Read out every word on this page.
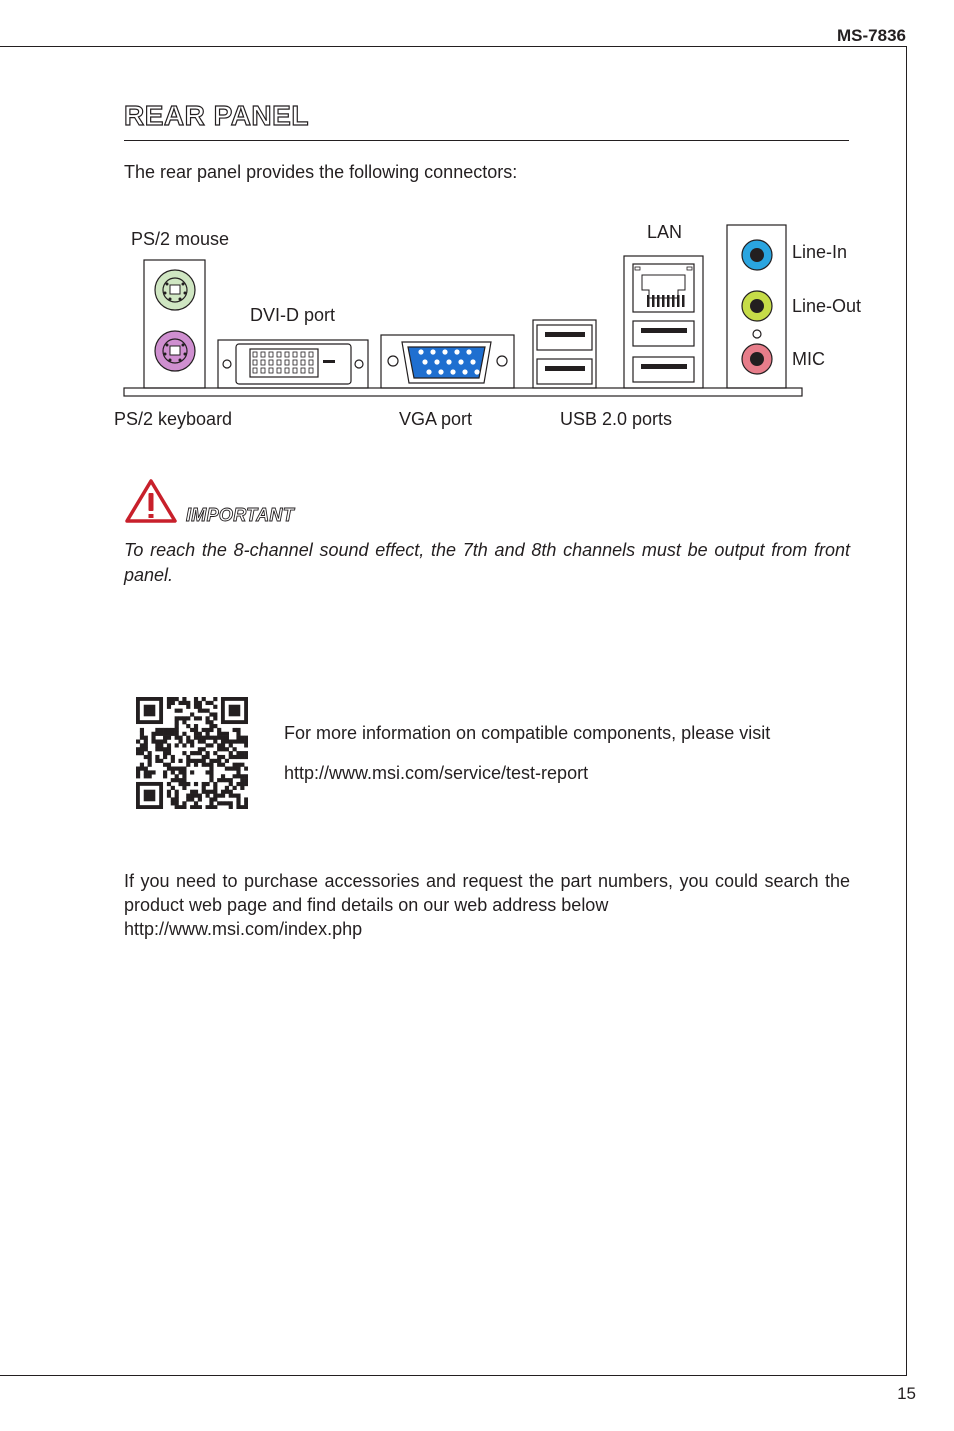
MS-7836
REAR PANEL
The rear panel provides the following connectors:
PS/2 mouse
DVI-D port
LAN
Line-In
Line-Out
MIC
PS/2 keyboard	VGA port	USB 2.0 ports
IMPORTANT
To reach the 8-channel sound effect, the 7th and 8th channels must be output from front panel.
For more information on compatible components, please visit
http://www.msi.com/service/test-report
If you need to purchase accessories and request the part numbers, you could search the product web page and find details on our web address below
http://www.msi.com/index.php
15
